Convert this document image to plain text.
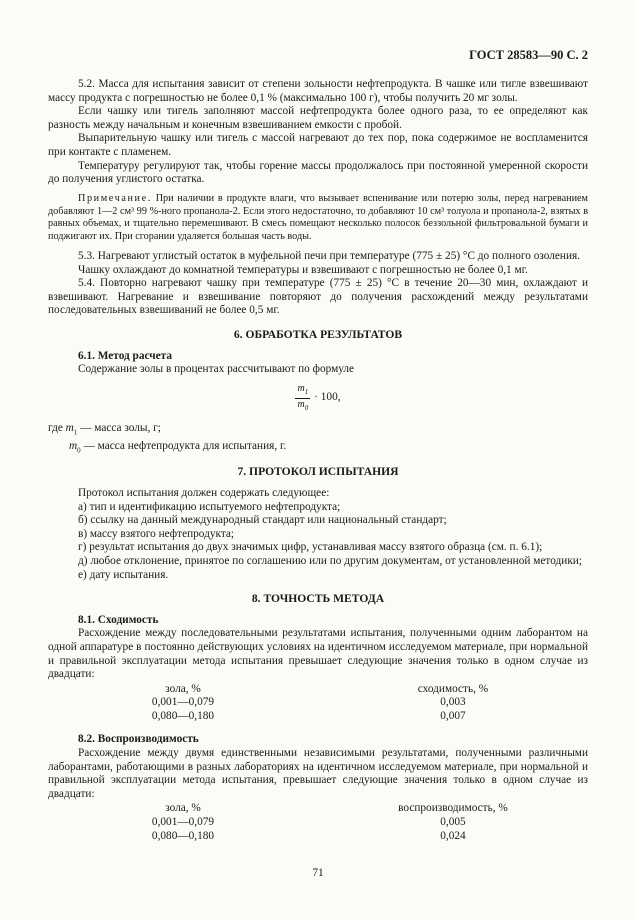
ГОСТ 28583—90 С. 2

5.2. Масса для испытания зависит от степени зольности нефтепродукта. В чашке или тигле взвешивают массу продукта с погрешностью не более 0,1 % (максимально 100 г), чтобы получить 20 мг золы.

Если чашку или тигель заполняют массой нефтепродукта более одного раза, то ее определяют как разность между начальным и конечным взвешиванием емкости с пробой.

Выпарительную чашку или тигель с массой нагревают до тех пор, пока содержимое не воспламенится при контакте с пламенем.

Температуру регулируют так, чтобы горение массы продолжалось при постоянной умеренной скорости до получения углистого остатка.

Примечание. При наличии в продукте влаги, что вызывает вспенивание или потерю золы, перед нагреванием добавляют 1—2 см³ 99 %-ного пропанола-2. Если этого недостаточно, то добавляют 10 см³ толуола и пропанола-2, взятых в равных объемах, и тщательно перемешивают. В смесь помещают несколько полосок беззольной фильтровальной бумаги и поджигают их. При сгорании удаляется большая часть воды.

5.3. Нагревают углистый остаток в муфельной печи при температуре (775 ± 25) °С до полного озоления.

Чашку охлаждают до комнатной температуры и взвешивают с погрешностью не более 0,1 мг.

5.4. Повторно нагревают чашку при температуре (775 ± 25) °С в течение 20—30 мин, охлаждают и взвешивают. Нагревание и взвешивание повторяют до получения расхождений между результатами последовательных взвешиваний не более 0,5 мг.

6. ОБРАБОТКА РЕЗУЛЬТАТОВ
6.1. Метод расчета

Содержание золы в процентах рассчитывают по формуле

$\frac{m_1}{m_0} \cdot 100$,

где $m_1$ — масса золы, г;

$m_0$ — масса нефтепродукта для испытания, г.

7. ПРОТОКОЛ ИСПЫТАНИЯ

Протокол испытания должен содержать следующее:

а) тип и идентификацию испытуемого нефтепродукта;

б) ссылку на данный международный стандарт или национальный стандарт;

в) массу взятого нефтепродукта;

г) результат испытания до двух значимых цифр, устанавливая массу взятого образца (см. п. 6.1);

д) любое отклонение, принятое по соглашению или по другим документам, от установленной методики;

е) дату испытания.

8. ТОЧНОСТЬ МЕТОДА
8.1. Сходимость

Расхождение между последовательными результатами испытания, полученными одним лаборантом на одной аппаратуре в постоянно действующих условиях на идентичном исследуемом материале, при нормальной и правильной эксплуатации метода испытания превышает следующие значения только в одном случае из двадцати:

зола, %	сходимость, %
0,001—0,079	0,003
0,080—0,180	0,007
8.2. Воспроизводимость

Расхождение между двумя единственными независимыми результатами, полученными различными лаборантами, работающими в разных лабораториях на идентичном исследуемом материале, при нормальной и правильной эксплуатации метода испытания, превышает следующие значения только в одном случае из двадцати:

зола, %	воспроизводимость, %
0,001—0,079	0,005
0,080—0,180	0,024
71
